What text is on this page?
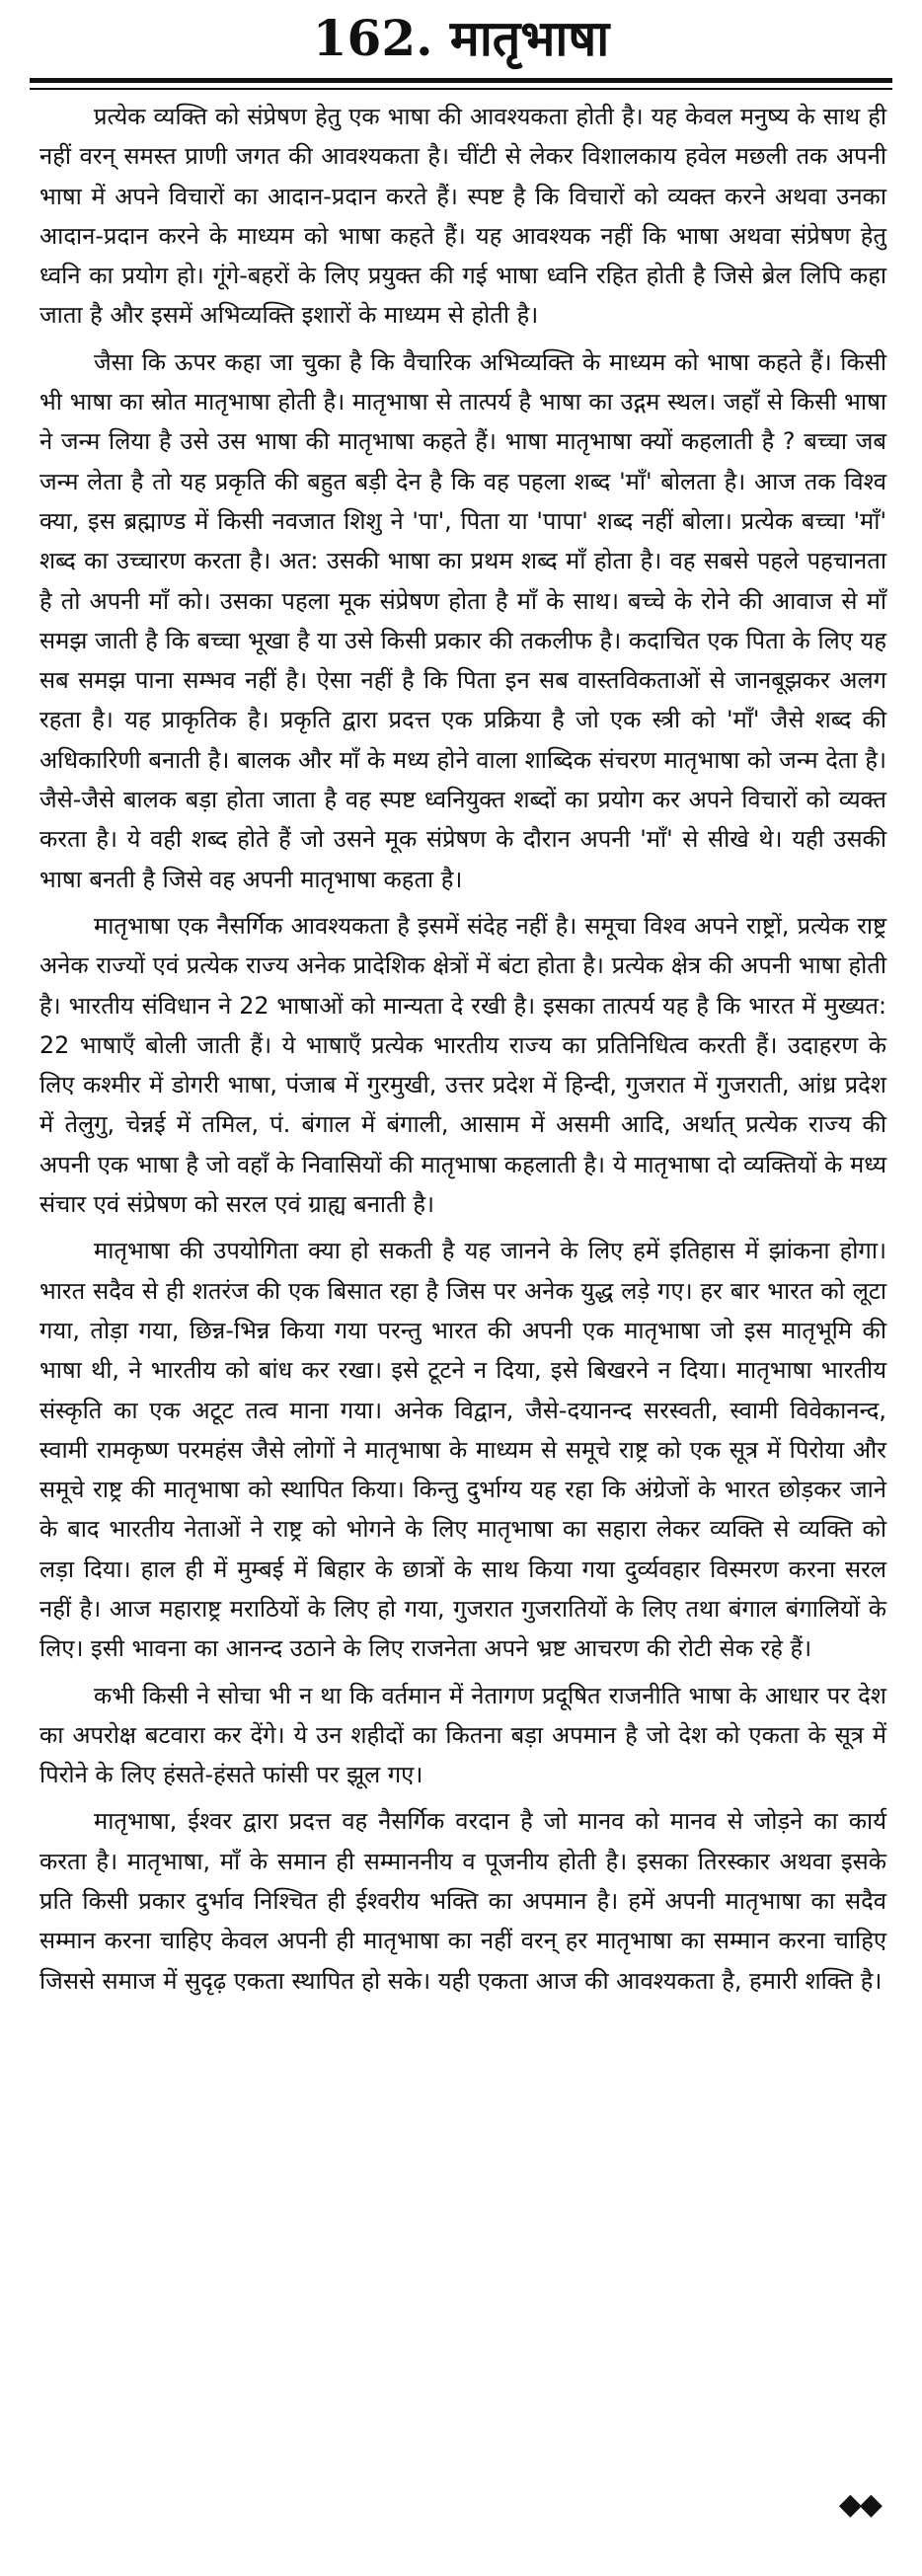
162. मातृभाषा

प्रत्येक व्यक्ति को संप्रेषण हेतु एक भाषा की आवश्यकता होती है। यह केवल मनुष्य के साथ ही नहीं वरन् समस्त प्राणी जगत की आवश्यकता है। चींटी से लेकर विशालकाय हवेल मछली तक अपनी भाषा में अपने विचारों का आदान-प्रदान करते हैं। स्पष्ट है कि विचारों को व्यक्त करने अथवा उनका आदान-प्रदान करने के माध्यम को भाषा कहते हैं। यह आवश्यक नहीं कि भाषा अथवा संप्रेषण हेतु ध्वनि का प्रयोग हो। गूंगे-बहरों के लिए प्रयुक्त की गई भाषा ध्वनि रहित होती है जिसे ब्रेल लिपि कहा जाता है और इसमें अभिव्यक्ति इशारों के माध्यम से होती है।

जैसा कि ऊपर कहा जा चुका है कि वैचारिक अभिव्यक्ति के माध्यम को भाषा कहते हैं। किसी भी भाषा का स्रोत मातृभाषा होती है। मातृभाषा से तात्पर्य है भाषा का उद्गम स्थल। जहाँ से किसी भाषा ने जन्म लिया है उसे उस भाषा की मातृभाषा कहते हैं। भाषा मातृभाषा क्यों कहलाती है ? बच्चा जब जन्म लेता है तो यह प्रकृति की बहुत बड़ी देन है कि वह पहला शब्द 'माँ' बोलता है। आज तक विश्व क्या, इस ब्रह्माण्ड में किसी नवजात शिशु ने 'पा', पिता या 'पापा' शब्द नहीं बोला। प्रत्येक बच्चा 'माँ' शब्द का उच्चारण करता है। अत: उसकी भाषा का प्रथम शब्द माँ होता है। वह सबसे पहले पहचानता है तो अपनी माँ को। उसका पहला मूक संप्रेषण होता है माँ के साथ। बच्चे के रोने की आवाज से माँ समझ जाती है कि बच्चा भूखा है या उसे किसी प्रकार की तकलीफ है। कदाचित एक पिता के लिए यह सब समझ पाना सम्भव नहीं है। ऐसा नहीं है कि पिता इन सब वास्तविकताओं से जानबूझकर अलग रहता है। यह प्राकृतिक है। प्रकृति द्वारा प्रदत्त एक प्रक्रिया है जो एक स्त्री को 'माँ' जैसे शब्द की अधिकारिणी बनाती है। बालक और माँ के मध्य होने वाला शाब्दिक संचरण मातृभाषा को जन्म देता है। जैसे-जैसे बालक बड़ा होता जाता है वह स्पष्ट ध्वनियुक्त शब्दों का प्रयोग कर अपने विचारों को व्यक्त करता है। ये वही शब्द होते हैं जो उसने मूक संप्रेषण के दौरान अपनी 'माँ' से सीखे थे। यही उसकी भाषा बनती है जिसे वह अपनी मातृभाषा कहता है।

मातृभाषा एक नैसर्गिक आवश्यकता है इसमें संदेह नहीं है। समूचा विश्व अपने राष्ट्रों, प्रत्येक राष्ट्र अनेक राज्यों एवं प्रत्येक राज्य अनेक प्रादेशिक क्षेत्रों में बंटा होता है। प्रत्येक क्षेत्र की अपनी भाषा होती है। भारतीय संविधान ने 22 भाषाओं को मान्यता दे रखी है। इसका तात्पर्य यह है कि भारत में मुख्यत: 22 भाषाएँ बोली जाती हैं। ये भाषाएँ प्रत्येक भारतीय राज्य का प्रतिनिधित्व करती हैं। उदाहरण के लिए कश्मीर में डोगरी भाषा, पंजाब में गुरमुखी, उत्तर प्रदेश में हिन्दी, गुजरात में गुजराती, आंध्र प्रदेश में तेलुगु, चेन्नई में तमिल, पं. बंगाल में बंगाली, आसाम में असमी आदि, अर्थात् प्रत्येक राज्य की अपनी एक भाषा है जो वहाँ के निवासियों की मातृभाषा कहलाती है। ये मातृभाषा दो व्यक्तियों के मध्य संचार एवं संप्रेषण को सरल एवं ग्राह्य बनाती है।

मातृभाषा की उपयोगिता क्या हो सकती है यह जानने के लिए हमें इतिहास में झांकना होगा। भारत सदैव से ही शतरंज की एक बिसात रहा है जिस पर अनेक युद्ध लड़े गए। हर बार भारत को लूटा गया, तोड़ा गया, छिन्न-भिन्न किया गया परन्तु भारत की अपनी एक मातृभाषा जो इस मातृभूमि की भाषा थी, ने भारतीय को बांध कर रखा। इसे टूटने न दिया, इसे बिखरने न दिया। मातृभाषा भारतीय संस्कृति का एक अटूट तत्व माना गया। अनेक विद्वान, जैसे-दयानन्द सरस्वती, स्वामी विवेकानन्द, स्वामी रामकृष्ण परमहंस जैसे लोगों ने मातृभाषा के माध्यम से समूचे राष्ट्र को एक सूत्र में पिरोया और समूचे राष्ट्र की मातृभाषा को स्थापित किया। किन्तु दुर्भाग्य यह रहा कि अंग्रेजों के भारत छोड़कर जाने के बाद भारतीय नेताओं ने राष्ट्र को भोगने के लिए मातृभाषा का सहारा लेकर व्यक्ति से व्यक्ति को लड़ा दिया। हाल ही में मुम्बई में बिहार के छात्रों के साथ किया गया दुर्व्यवहार विस्मरण करना सरल नहीं है। आज महाराष्ट्र मराठियों के लिए हो गया, गुजरात गुजरातियों के लिए तथा बंगाल बंगालियों के लिए। इसी भावना का आनन्द उठाने के लिए राजनेता अपने भ्रष्ट आचरण की रोटी सेक रहे हैं।

कभी किसी ने सोचा भी न था कि वर्तमान में नेतागण प्रदूषित राजनीति भाषा के आधार पर देश का अपरोक्ष बटवारा कर देंगे। ये उन शहीदों का कितना बड़ा अपमान है जो देश को एकता के सूत्र में पिरोने के लिए हंसते-हंसते फांसी पर झूल गए।

मातृभाषा, ईश्वर द्वारा प्रदत्त वह नैसर्गिक वरदान है जो मानव को मानव से जोड़ने का कार्य करता है। मातृभाषा, माँ के समान ही सम्माननीय व पूजनीय होती है। इसका तिरस्कार अथवा इसके प्रति किसी प्रकार दुर्भाव निश्चित ही ईश्वरीय भक्ति का अपमान है। हमें अपनी मातृभाषा का सदैव सम्मान करना चाहिए केवल अपनी ही मातृभाषा का नहीं वरन् हर मातृभाषा का सम्मान करना चाहिए जिससे समाज में सुदृढ़ एकता स्थापित हो सके। यही एकता आज की आवश्यकता है, हमारी शक्ति है।

◆◆
